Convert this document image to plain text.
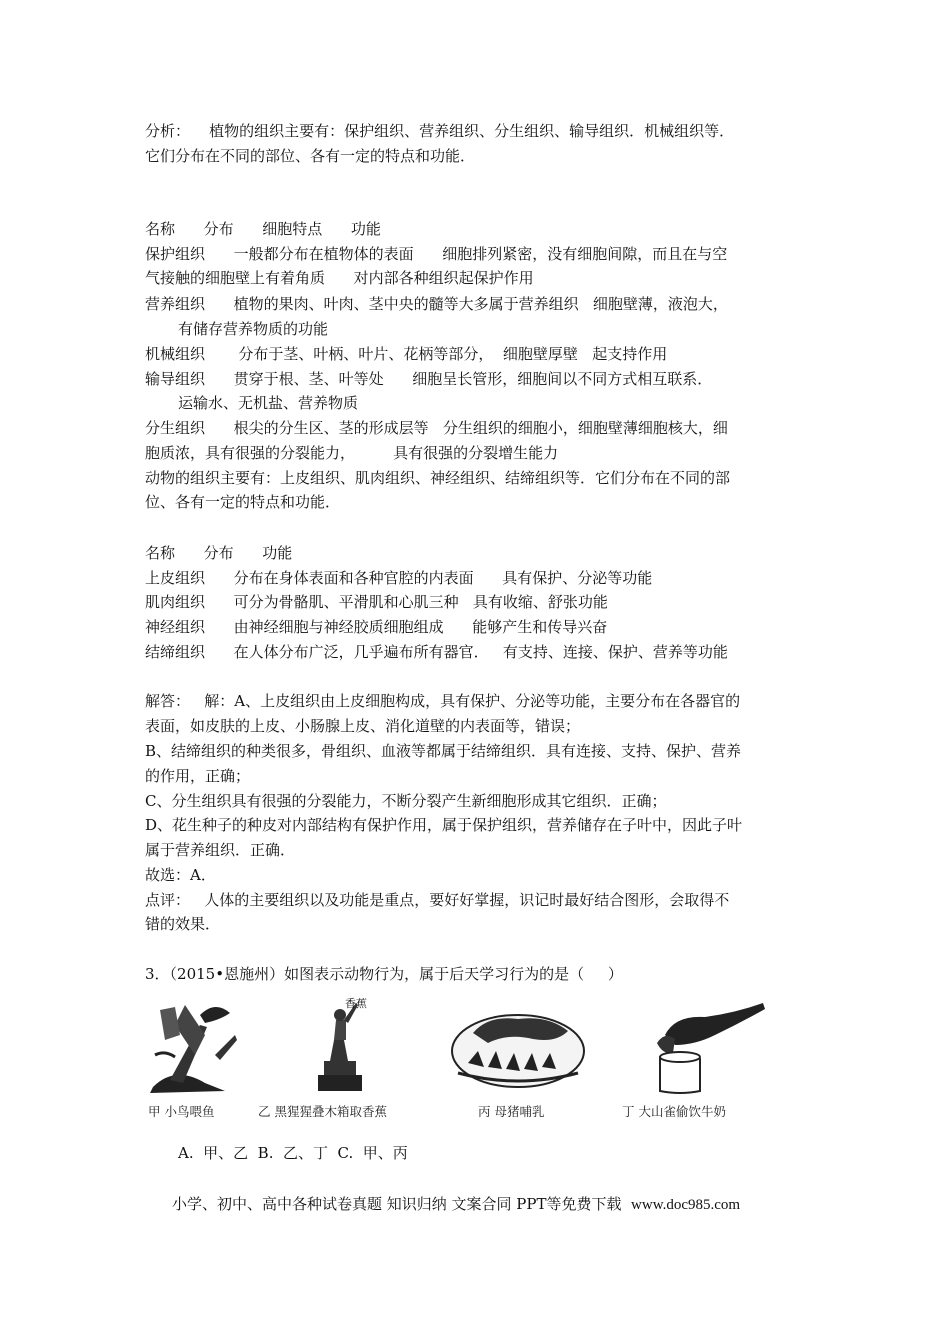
分析：    植物的组织主要有：保护组织、营养组织、分生组织、输导组织．机械组织等．
它们分布在不同的部位、各有一定的特点和功能．
名称      分布      细胞特点      功能
保护组织      一般都分布在植物体的表面      细胞排列紧密，没有细胞间隙，而且在与空
气接触的细胞壁上有着角质      对内部各种组织起保护作用
营养组织      植物的果肉、叶肉、茎中央的髓等大多属于营养组织   细胞壁薄，液泡大，
有储存营养物质的功能
机械组织       分布于茎、叶柄、叶片、花柄等部分，  细胞壁厚壁   起支持作用
输导组织      贯穿于根、茎、叶等处      细胞呈长管形，细胞间以不同方式相互联系．
运输水、无机盐、营养物质
分生组织      根尖的分生区、茎的形成层等   分生组织的细胞小，细胞壁薄细胞核大，细
胞质浓，具有很强的分裂能力，        具有很强的分裂增生能力
动物的组织主要有：上皮组织、肌肉组织、神经组织、结缔组织等．它们分布在不同的部
位、各有一定的特点和功能．
名称      分布      功能
上皮组织      分布在身体表面和各种官腔的内表面      具有保护、分泌等功能
肌肉组织      可分为骨骼肌、平滑肌和心肌三种   具有收缩、舒张功能
神经组织      由神经细胞与神经胶质细胞组成      能够产生和传导兴奋
结缔组织      在人体分布广泛，几乎遍布所有器官．   有支持、连接、保护、营养等功能
解答：   解：A、上皮组织由上皮细胞构成，具有保护、分泌等功能，主要分布在各器官的
表面，如皮肤的上皮、小肠腺上皮、消化道壁的内表面等，错误；
B、结缔组织的种类很多，骨组织、血液等都属于结缔组织．具有连接、支持、保护、营养
的作用，正确；
C、分生组织具有很强的分裂能力，不断分裂产生新细胞形成其它组织．正确；
D、花生种子的种皮对内部结构有保护作用，属于保护组织，营养储存在子叶中，因此子叶
属于营养组织．正确．
故选：A．
点评：   人体的主要组织以及功能是重点，要好好掌握，识记时最好结合图形，会取得不
错的效果．
3．（2015•恩施州）如图表示动物行为，属于后天学习行为的是（     ）
甲 小鸟喂鱼
香蕉
乙 黑猩猩叠木箱取香蕉	丙 母猪哺乳	丁 大山雀偷饮牛奶
A.  甲、乙  B.  乙、丁  C.  甲、丙
小学、初中、高中各种试卷真题 知识归纳 文案合同 PPT等免费下载  www.doc985.com
